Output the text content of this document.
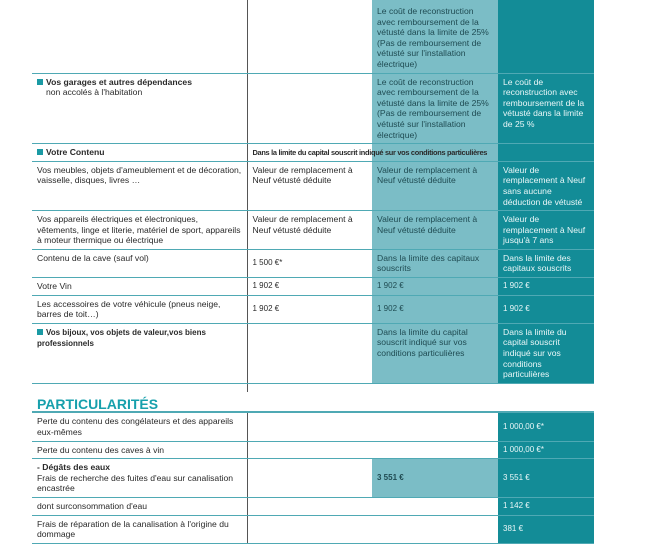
		Le coût de reconstruction avec remboursement de la vétusté dans la limite de 25% (Pas de remboursement de vétusté sur l'installation électrique)	
Vos garages et autres dépendances
non accolés à l'habitation		Le coût de reconstruction avec remboursement de la vétusté dans la limite de 25% (Pas de remboursement de vétusté sur l'installation électrique)	Le coût de reconstruction avec remboursement de la vétusté dans la limite de 25 %
Votre Contenu	Dans la limite du capital souscrit indiqué sur vos conditions particulières		

Vos meubles, objets d'ameublement et de décoration, vaisselle, disques, livres …	Valeur de remplacement à Neuf vétusté déduite	Valeur de remplacement à Neuf vétusté déduite	Valeur de remplacement à Neuf sans aucune déduction de vétusté
Vos appareils électriques et électroniques, vêtements, linge et literie, matériel de sport, appareils à moteur thermique ou électrique	Valeur de remplacement à Neuf vétusté déduite	Valeur de remplacement à Neuf vétusté déduite	Valeur de remplacement à Neuf jusqu'à 7 ans
Contenu de la cave (sauf vol)	1 500 €*	Dans la limite des capitaux souscrits	Dans la limite des capitaux souscrits
Votre Vin	1 902 €	1 902 €	1 902 €
Les accessoires de votre véhicule (pneus neige, barres de toit…)	1 902 €	1 902 €	1 902 €
Vos bijoux, vos objets de valeur,vos biens professionnels		Dans la limite du capital souscrit indiqué sur vos conditions particulières	Dans la limite du capital souscrit indiqué sur vos conditions particulières

PARTICULARITÉS			
Perte du contenu des congélateurs et des appareils eux-mêmes			1 000,00 €*
Perte du contenu des caves à vin			1 000,00 €*
- Dégâts des eaux
Frais de recherche des fuites d'eau sur canalisation encastrée		3 551 €	3 551 €
dont surconsommation d'eau			1 142 €
Frais de réparation de la canalisation à l'origine du dommage			381 €
